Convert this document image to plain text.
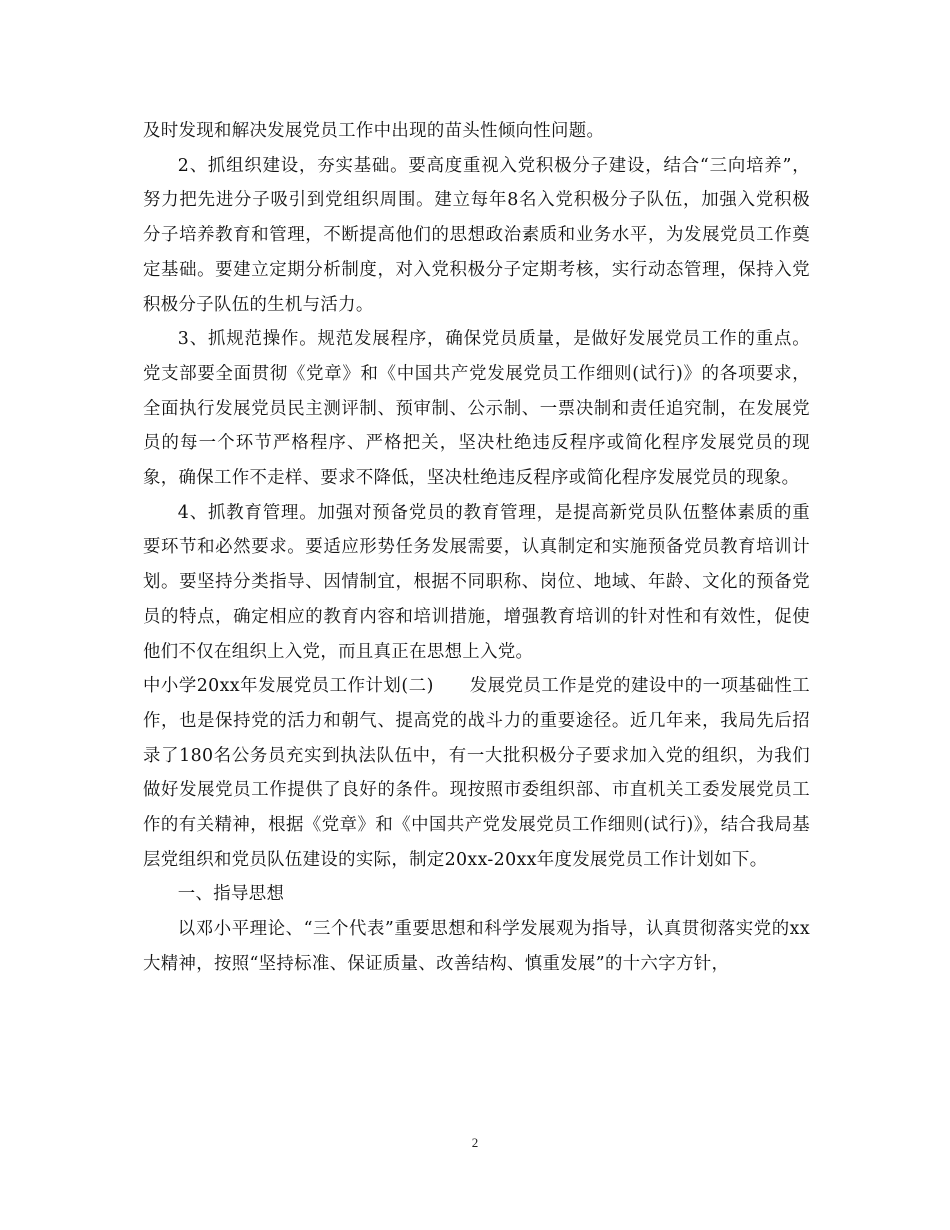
及时发现和解决发展党员工作中出现的苗头性倾向性问题。

2、抓组织建设，夯实基础。要高度重视入党积极分子建设，结合“三向培养”，努力把先进分子吸引到党组织周围。建立每年8名入党积极分子队伍，加强入党积极分子培养教育和管理，不断提高他们的思想政治素质和业务水平，为发展党员工作奠定基础。要建立定期分析制度，对入党积极分子定期考核，实行动态管理，保持入党积极分子队伍的生机与活力。

3、抓规范操作。规范发展程序，确保党员质量，是做好发展党员工作的重点。党支部要全面贯彻《党章》和《中国共产党发展党员工作细则(试行)》的各项要求，全面执行发展党员民主测评制、预审制、公示制、一票决制和责任追究制，在发展党员的每一个环节严格程序、严格把关，坚决杜绝违反程序或简化程序发展党员的现象，确保工作不走样、要求不降低，坚决杜绝违反程序或简化程序发展党员的现象。

4、抓教育管理。加强对预备党员的教育管理，是提高新党员队伍整体素质的重要环节和必然要求。要适应形势任务发展需要，认真制定和实施预备党员教育培训计划。要坚持分类指导、因情制宜，根据不同职称、岗位、地域、年龄、文化的预备党员的特点，确定相应的教育内容和培训措施，增强教育培训的针对性和有效性，促使他们不仅在组织上入党，而且真正在思想上入党。

中小学20xx年发展党员工作计划(二)　　发展党员工作是党的建设中的一项基础性工作，也是保持党的活力和朝气、提高党的战斗力的重要途径。近几年来，我局先后招录了180名公务员充实到执法队伍中，有一大批积极分子要求加入党的组织，为我们做好发展党员工作提供了良好的条件。现按照市委组织部、市直机关工委发展党员工作的有关精神，根据《党章》和《中国共产党发展党员工作细则(试行)》，结合我局基层党组织和党员队伍建设的实际，制定20xx-20xx年度发展党员工作计划如下。

一、指导思想

以邓小平理论、“三个代表”重要思想和科学发展观为指导，认真贯彻落实党的xx大精神，按照“坚持标准、保证质量、改善结构、慎重发展”的十六字方针，

2
